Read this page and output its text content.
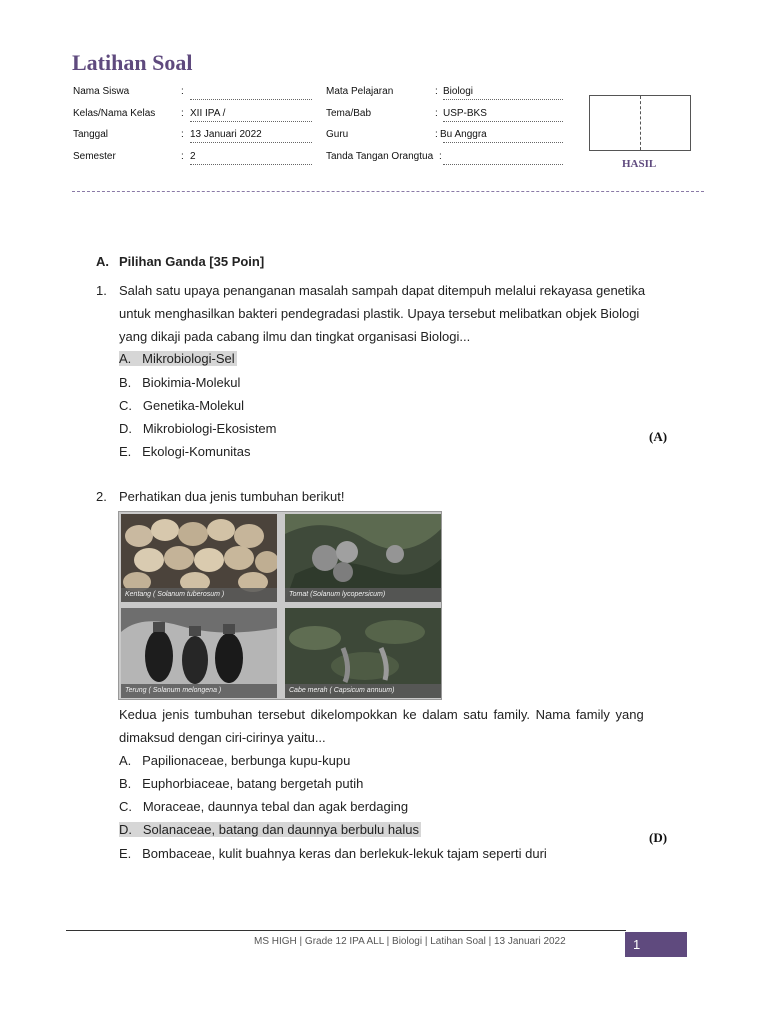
Latihan Soal
Nama Siswa	:
Kelas/Nama Kelas	: XII IPA /
Tanggal	: 13 Januari 2022
Semester	: 2
Mata Pelajaran	: Biologi
Tema/Bab	: USP-BKS
Guru	: Bu Anggra
Tanda Tangan Orangtua :
HASIL
A. Pilihan Ganda [35 Poin]
1. Salah satu upaya penanganan masalah sampah dapat ditempuh melalui rekayasa genetika
untuk menghasilkan bakteri pendegradasi plastik. Upaya tersebut melibatkan objek Biologi
yang dikaji pada cabang ilmu dan tingkat organisasi Biologi...
A. Mikrobiologi-Sel
B. Biokimia-Molekul
C. Genetika-Molekul
D. Mikrobiologi-Ekosistem
E. Ekologi-Komunitas
(A)
2. Perhatikan dua jenis tumbuhan berikut!
Kentang ( Solanum tuberosum )	Tomat (Solanum lycopersicum)
Terung ( Solanum melongena )	Cabe merah ( Capsicum annuum)
Kedua jenis tumbuhan tersebut dikelompokkan ke dalam satu family. Nama family yang
dimaksud dengan ciri-cirinya yaitu...
A. Papilionaceae, berbunga kupu-kupu
B. Euphorbiaceae, batang bergetah putih
C. Moraceae, daunnya tebal dan agak berdaging
D. Solanaceae, batang dan daunnya berbulu halus
E. Bombaceae, kulit buahnya keras dan berlekuk-lekuk tajam seperti duri
(D)
MS HIGH | Grade 12 IPA ALL | Biologi | Latihan Soal | 13 Januari 2022	1
